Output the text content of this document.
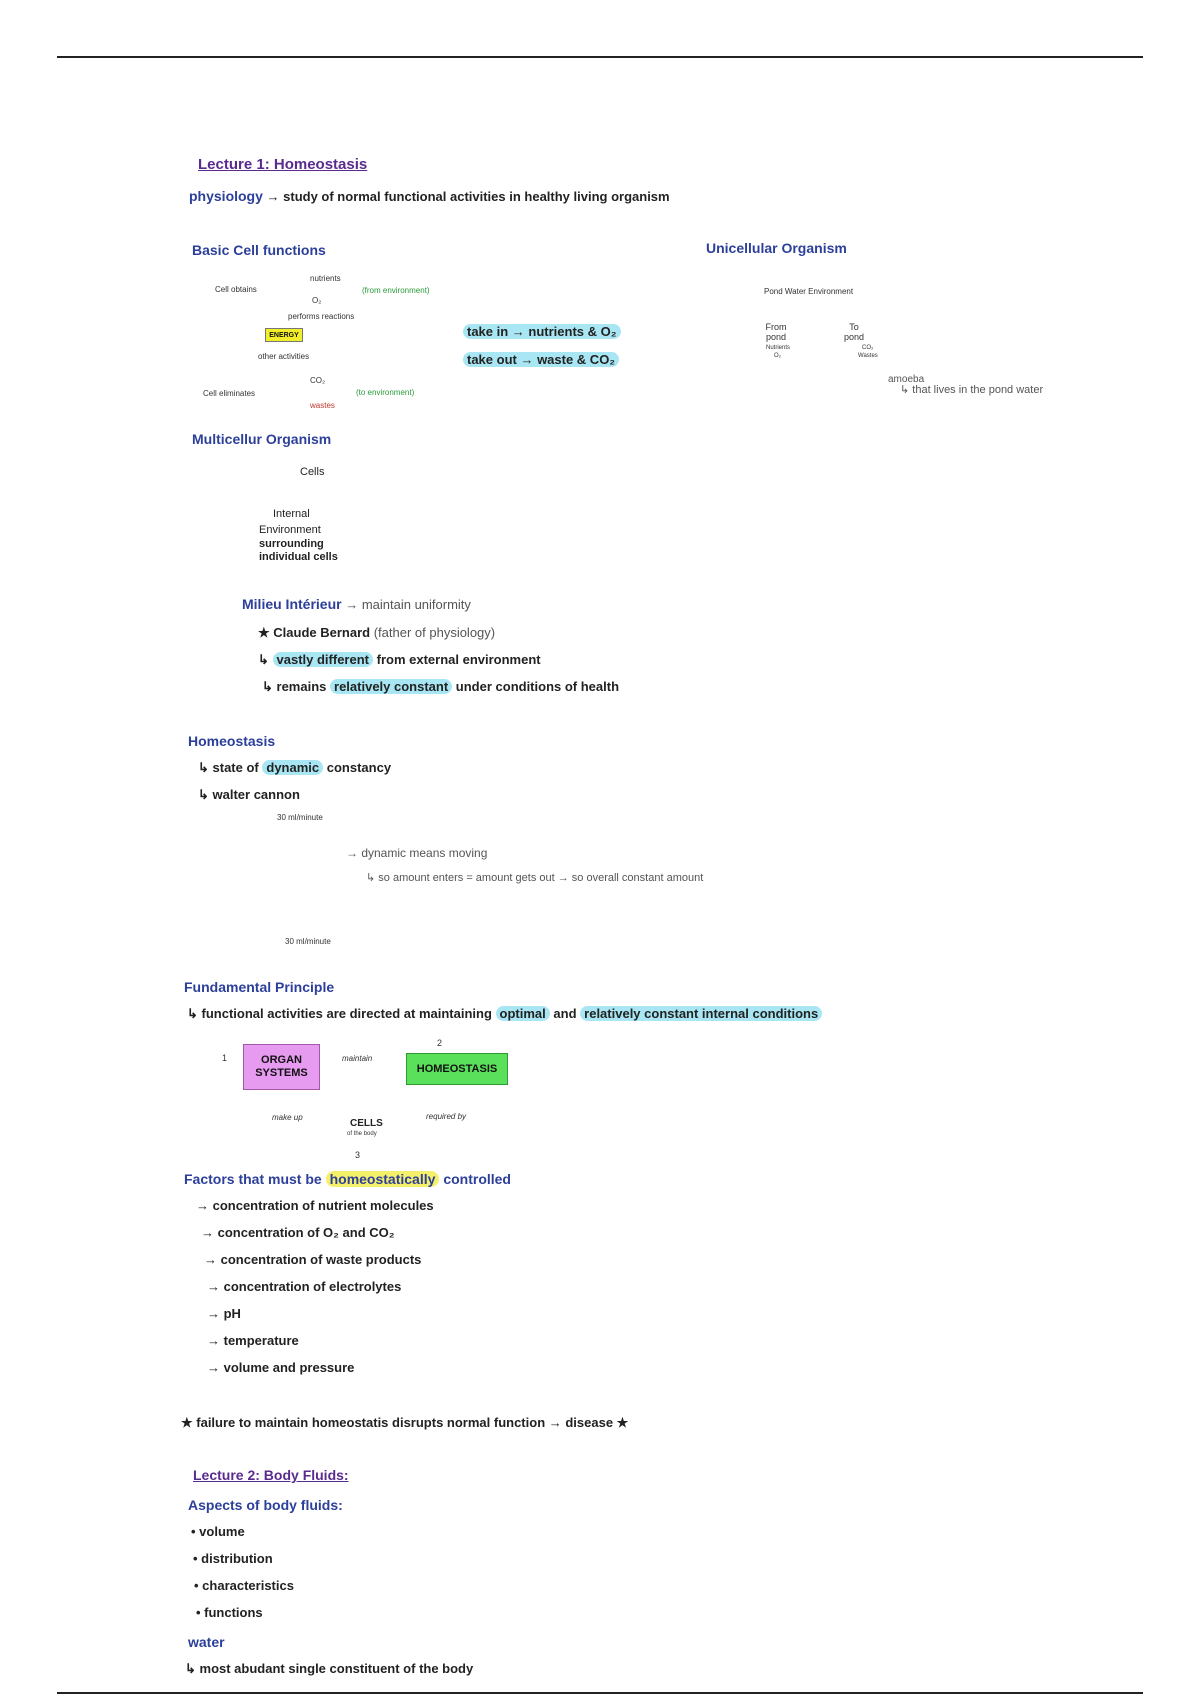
Lecture 1: Homeostasis
physiology → study of normal functional activities in healthy living organism
Basic Cell functions
Cell obtains
nutrients
O₂
(from environment)
performs reactions
ENERGY
other activities
Cell eliminates
CO₂
wastes
(to environment)
take in → nutrients & O₂
take out → waste & CO₂
Unicellular Organism
Pond Water Environment
From pond
To pond
Nutrients
O₂
CO₂
Wastes
amoeba
↳ that lives in the pond water
Multicellur Organism
Cells
Internal
Environment
surrounding
individual cells
Milieu Intérieur → maintain uniformity
★ Claude Bernard (father of physiology)
↳ vastly different from external environment
↳ remains relatively constant under conditions of health
Homeostasis
↳ state of dynamic constancy
↳ walter cannon
30 ml/minute
3 L
30 ml/minute
→ dynamic means moving
↳ so amount enters = amount gets out → so overall constant amount
Fundamental Principle
↳ functional activities are directed at maintaining optimal and relatively constant internal conditions
1
2
3
ORGAN SYSTEMS
maintain
HOMEOSTASIS
make up	required by
CELLS
of the body
Factors that must be homeostatically controlled
→ concentration of nutrient molecules
→ concentration of O₂ and CO₂
→ concentration of waste products
→ concentration of electrolytes
→ pH
→ temperature
→ volume and pressure
★ failure to maintain homeostatis disrupts normal function → disease ★
Lecture 2: Body Fluids:
Aspects of body fluids:
• volume
• distribution
• characteristics
• functions
water
↳ most abudant single constituent of the body
